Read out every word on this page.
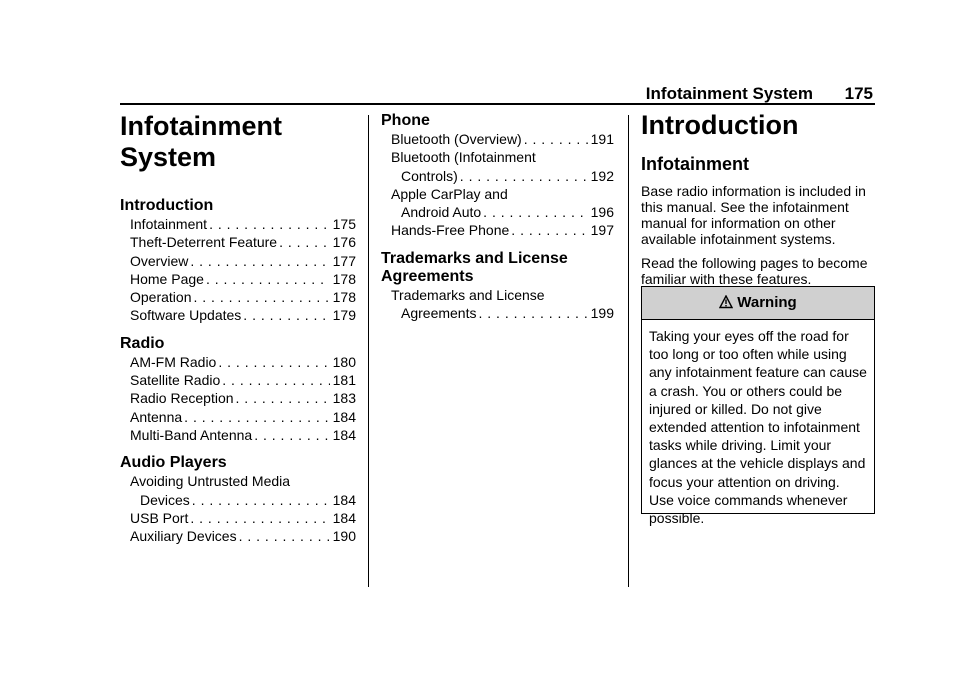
Infotainment System 175
Infotainment
System
Introduction
Infotainment . . .	175
Theft-Deterrent Feature . . .	176
Overview . . .	177
Home Page . . .	178
Operation . . .	178
Software Updates . . .	179
Radio
AM-FM Radio . . .	180
Satellite Radio . . .	181
Radio Reception . . .	183
Antenna . . .	184
Multi-Band Antenna . . .	184
Audio Players
Avoiding Untrusted Media
Devices . . .	184
USB Port . . .	184
Auxiliary Devices . . .	190
Phone
Bluetooth (Overview) . . .	191
Bluetooth (Infotainment
Controls) . . .	192
Apple CarPlay and
Android Auto . . .	196
Hands-Free Phone . . .	197
Trademarks and License
Agreements
Trademarks and License
Agreements . . .	199
Introduction
Infotainment

Base radio information is included in this manual. See the infotainment manual for information on other available infotainment systems.

Read the following pages to become familiar with these features.

Warning
Taking your eyes off the road for too long or too often while using any infotainment feature can cause a crash. You or others could be injured or killed. Do not give extended attention to infotainment tasks while driving. Limit your glances at the vehicle displays and focus your attention on driving. Use voice commands whenever possible.
